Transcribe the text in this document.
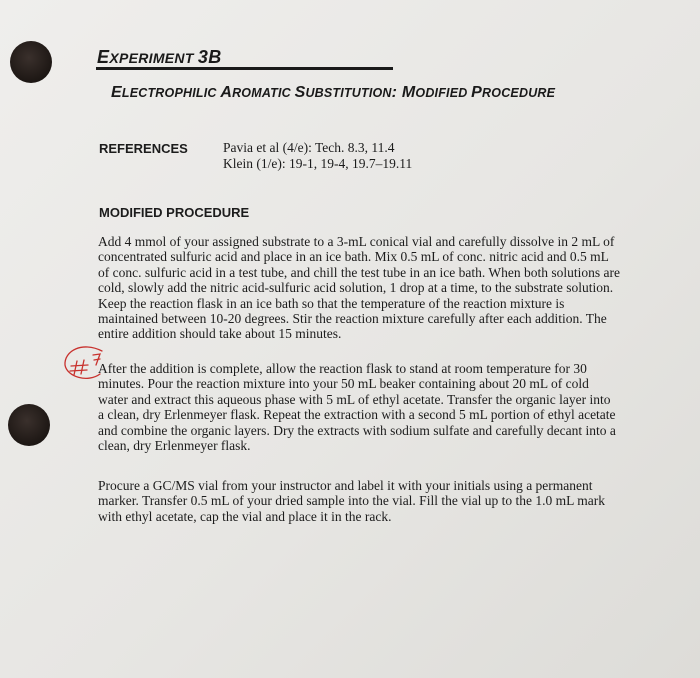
EXPERIMENT 3B
ELECTROPHILIC AROMATIC SUBSTITUTION: MODIFIED PROCEDURE
REFERENCES	Pavia et al (4/e): Tech. 8.3, 11.4
Klein (1/e): 19-1, 19-4, 19.7–19.11
MODIFIED PROCEDURE
Add 4 mmol of your assigned substrate to a 3-mL conical vial and carefully dissolve in 2 mL of
concentrated sulfuric acid and place in an ice bath. Mix 0.5 mL of conc. nitric acid and 0.5 mL
of conc. sulfuric acid in a test tube, and chill the test tube in an ice bath. When both solutions are
cold, slowly add the nitric acid-sulfuric acid solution, 1 drop at a time, to the substrate solution.
Keep the reaction flask in an ice bath so that the temperature of the reaction mixture is
maintained between 10-20 degrees. Stir the reaction mixture carefully after each addition. The
entire addition should take about 15 minutes.
After the addition is complete, allow the reaction flask to stand at room temperature for 30
minutes. Pour the reaction mixture into your 50 mL beaker containing about 20 mL of cold
water and extract this aqueous phase with 5 mL of ethyl acetate. Transfer the organic layer into
a clean, dry Erlenmeyer flask. Repeat the extraction with a second 5 mL portion of ethyl acetate
and combine the organic layers. Dry the extracts with sodium sulfate and carefully decant into a
clean, dry Erlenmeyer flask.
Procure a GC/MS vial from your instructor and label it with your initials using a permanent
marker. Transfer 0.5 mL of your dried sample into the vial. Fill the vial up to the 1.0 mL mark
with ethyl acetate, cap the vial and place it in the rack.
